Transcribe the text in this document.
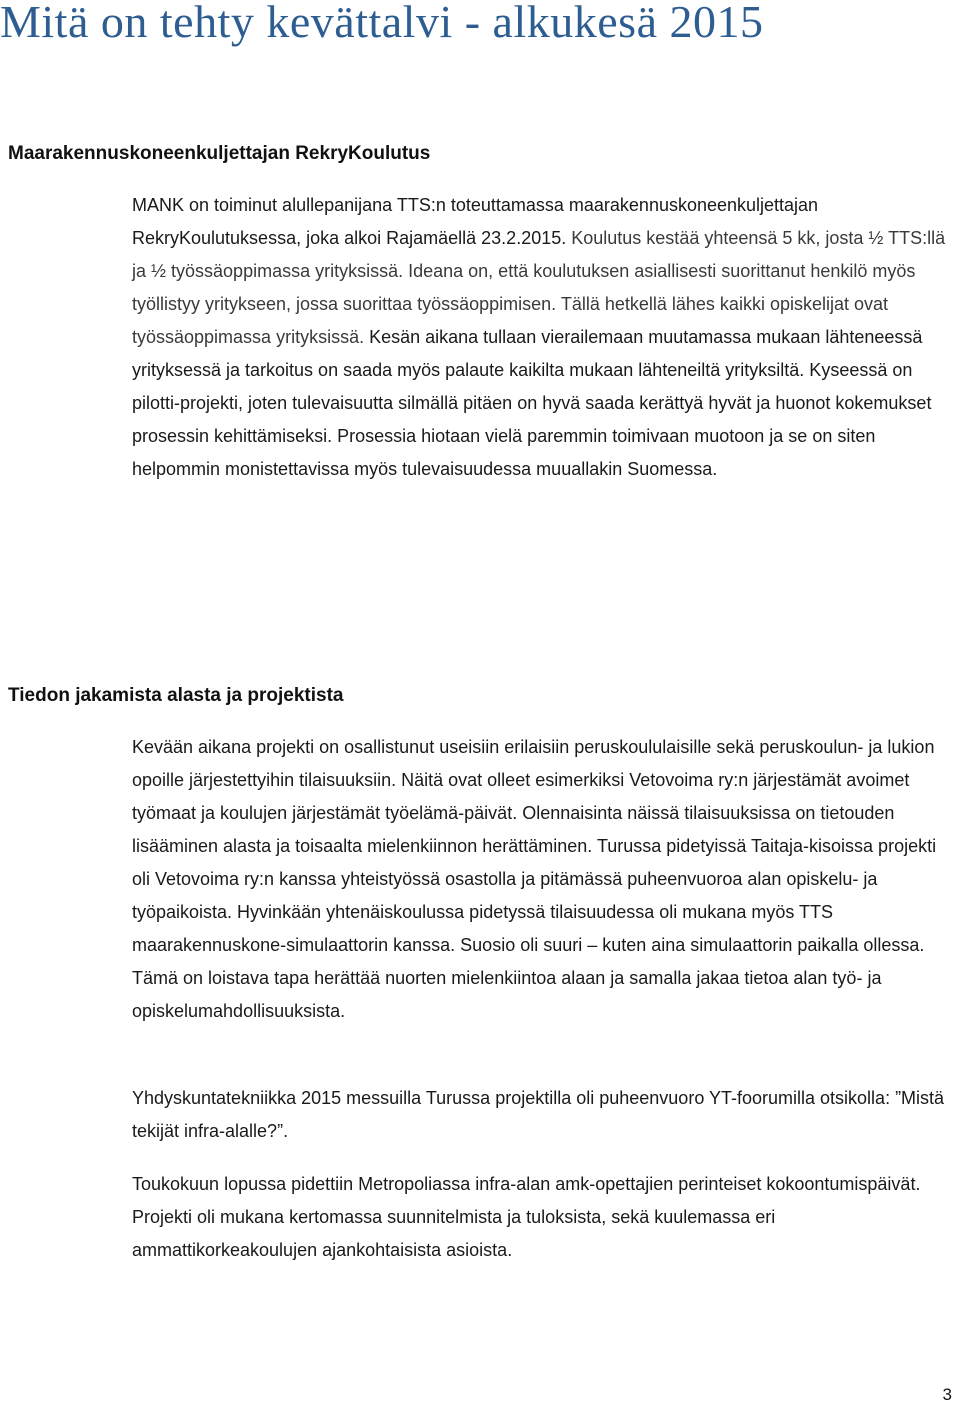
Mitä on tehty kevättalvi - alkukesä 2015
Maarakennuskoneenkuljettajan RekryKoulutus

MANK on toiminut alullepanijana TTS:n toteuttamassa maarakennuskoneenkuljettajan RekryKoulutuksessa, joka alkoi Rajamäellä 23.2.2015. Koulutus kestää yhteensä 5 kk, josta ½ TTS:llä ja ½ työssäoppimassa yrityksissä. Ideana on, että koulutuksen asiallisesti suorittanut henkilö myös työllistyy yritykseen, jossa suorittaa työssäoppimisen. Tällä hetkellä lähes kaikki opiskelijat ovat työssäoppimassa yrityksissä. Kesän aikana tullaan vierailemaan muutamassa mukaan lähteneessä yrityksessä ja tarkoitus on saada myös palaute kaikilta mukaan lähteneiltä yrityksiltä. Kyseessä on pilotti-projekti, joten tulevaisuutta silmällä pitäen on hyvä saada kerättyä hyvät ja huonot kokemukset prosessin kehittämiseksi. Prosessia hiotaan vielä paremmin toimivaan muotoon ja se on siten helpommin monistettavissa myös tulevaisuudessa muuallakin Suomessa.

Tiedon jakamista alasta ja projektista

Kevään aikana projekti on osallistunut useisiin erilaisiin peruskoululaisille sekä peruskoulun- ja lukion opoille järjestettyihin tilaisuuksiin. Näitä ovat olleet esimerkiksi Vetovoima ry:n järjestämät avoimet työmaat ja koulujen järjestämät työelämä-päivät. Olennaisinta näissä tilaisuuksissa on tietouden lisääminen alasta ja toisaalta mielenkiinnon herättäminen. Turussa pidetyissä Taitaja-kisoissa projekti oli Vetovoima ry:n kanssa yhteistyössä osastolla ja pitämässä puheenvuoroa alan opiskelu- ja työpaikoista. Hyvinkään yhtenäiskoulussa pidetyssä tilaisuudessa oli mukana myös TTS maarakennuskone-simulaattorin kanssa. Suosio oli suuri – kuten aina simulaattorin paikalla ollessa. Tämä on loistava tapa herättää nuorten mielenkiintoa alaan ja samalla jakaa tietoa alan työ- ja opiskelumahdollisuuksista.

Yhdyskuntatekniikka 2015 messuilla Turussa projektilla oli puheenvuoro YT-foorumilla otsikolla: ”Mistä tekijät infra-alalle?”.

Toukokuun lopussa pidettiin Metropoliassa infra-alan amk-opettajien perinteiset kokoontumispäivät. Projekti oli mukana kertomassa suunnitelmista ja tuloksista, sekä kuulemassa eri ammattikorkeakoulujen ajankohtaisista asioista.

3
